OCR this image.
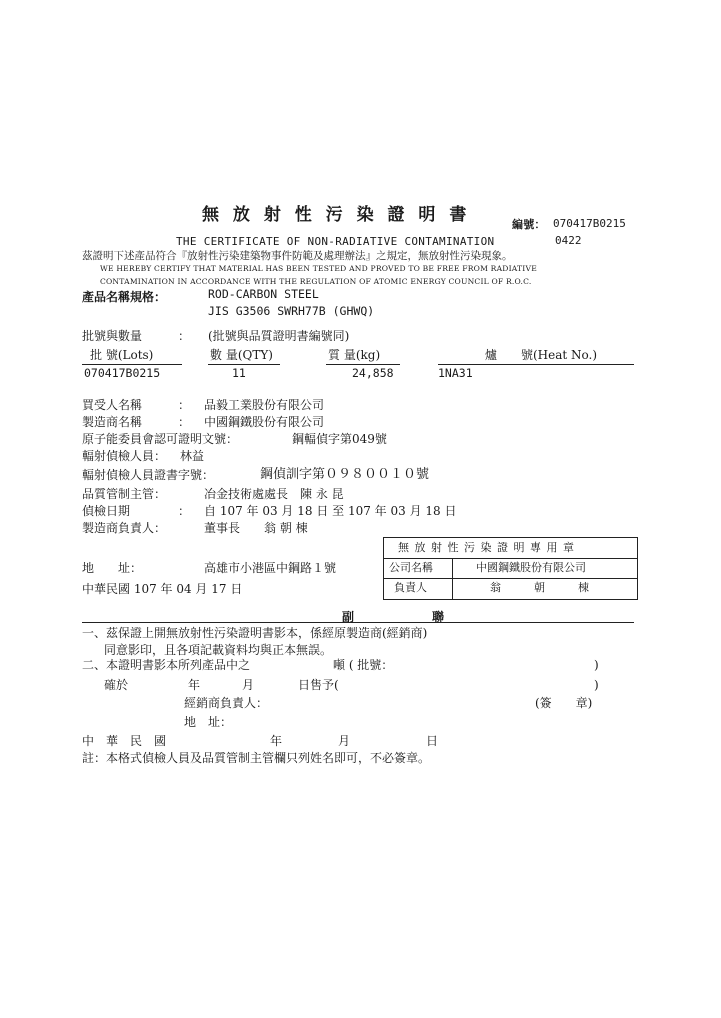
無 放 射 性 污 染 證 明 書	編號： 070417B0215
THE CERTIFICATE OF NON-RADIATIVE CONTAMINATION	0422
茲證明下述產品符合『放射性污染建築物事件防範及處理辦法』之規定，無放射性污染現象。
WE HEREBY CERTIFY THAT MATERIAL HAS BEEN TESTED AND PROVED TO BE FREE FROM RADIATIVE
CONTAMINATION IN ACCORDANCE WITH THE REGULATION OF ATOMIC ENERGY COUNCIL OF R.O.C.
產品名稱規格：	ROD-CARBON STEEL
JIS G3506 SWRH77B (GHWQ)
批號與數量	： (批號與品質證明書編號同)
批 號(Lots)	數 量(QTY)	質 量(kg)	爐　　號(Heat No.)
070417B0215	11	24,858	1NA31
買受人名稱	： 品毅工業股份有限公司
製造商名稱	： 中國鋼鐵股份有限公司
原子能委員會認可證明文號：	鋼輻偵字第049號
輻射偵檢人員： 林益
輻射偵檢人員證書字號：	鋼偵訓字第０９８００１０號
品質管制主管：	冶金技術處處長　陳 永 昆
偵檢日期	： 自 107 年 03 月 18 日 至 107 年 03 月 18 日
製造商負責人：	董事長　　翁 朝 棟
地　　址：	高雄市小港區中鋼路１號
中華民國 107 年 04 月 17 日
無 放 射 性 污 染 證 明 專 用 章
公司名稱	中國鋼鐵股份有限公司
負責人	翁　　　朝　　　棟
副	聯
一、茲保證上開無放射性污染證明書影本，係經原製造商(經銷商)
同意影印，且各項記載資料均與正本無誤。
二、本證明書影本所列產品中之	噸 ( 批號：	)
確於	年	月	日售予(	)
經銷商負責人：	(簽　　章)
地　址：
中　華　民　國	年	月	日
註：本格式偵檢人員及品質管制主管欄只列姓名即可，不必簽章。
